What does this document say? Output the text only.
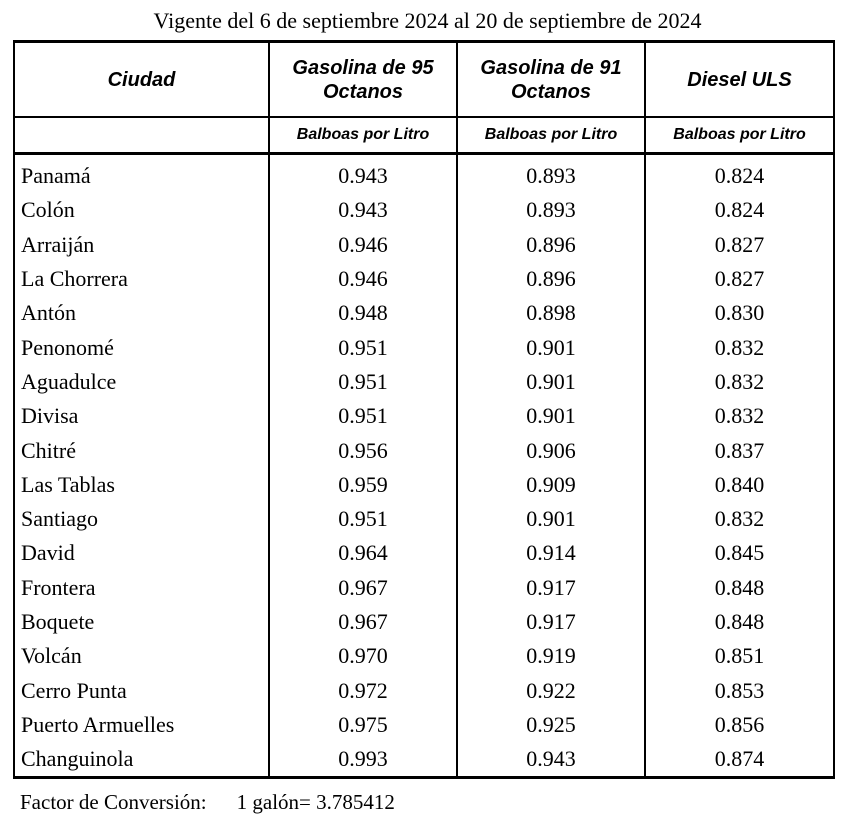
Vigente del 6 de septiembre 2024 al 20 de septiembre de 2024
Ciudad	Gasolina de 95 Octanos	Gasolina de 91 Octanos	Diesel ULS
	Balboas por Litro	Balboas por Litro	Balboas por Litro
Panamá	0.943	0.893	0.824
Colón	0.943	0.893	0.824
Arraiján	0.946	0.896	0.827
La Chorrera	0.946	0.896	0.827
Antón	0.948	0.898	0.830
Penonomé	0.951	0.901	0.832
Aguadulce	0.951	0.901	0.832
Divisa	0.951	0.901	0.832
Chitré	0.956	0.906	0.837
Las Tablas	0.959	0.909	0.840
Santiago	0.951	0.901	0.832
David	0.964	0.914	0.845
Frontera	0.967	0.917	0.848
Boquete	0.967	0.917	0.848
Volcán	0.970	0.919	0.851
Cerro Punta	0.972	0.922	0.853
Puerto Armuelles	0.975	0.925	0.856
Changuinola	0.993	0.943	0.874
Factor de Conversión: 1 galón= 3.785412
